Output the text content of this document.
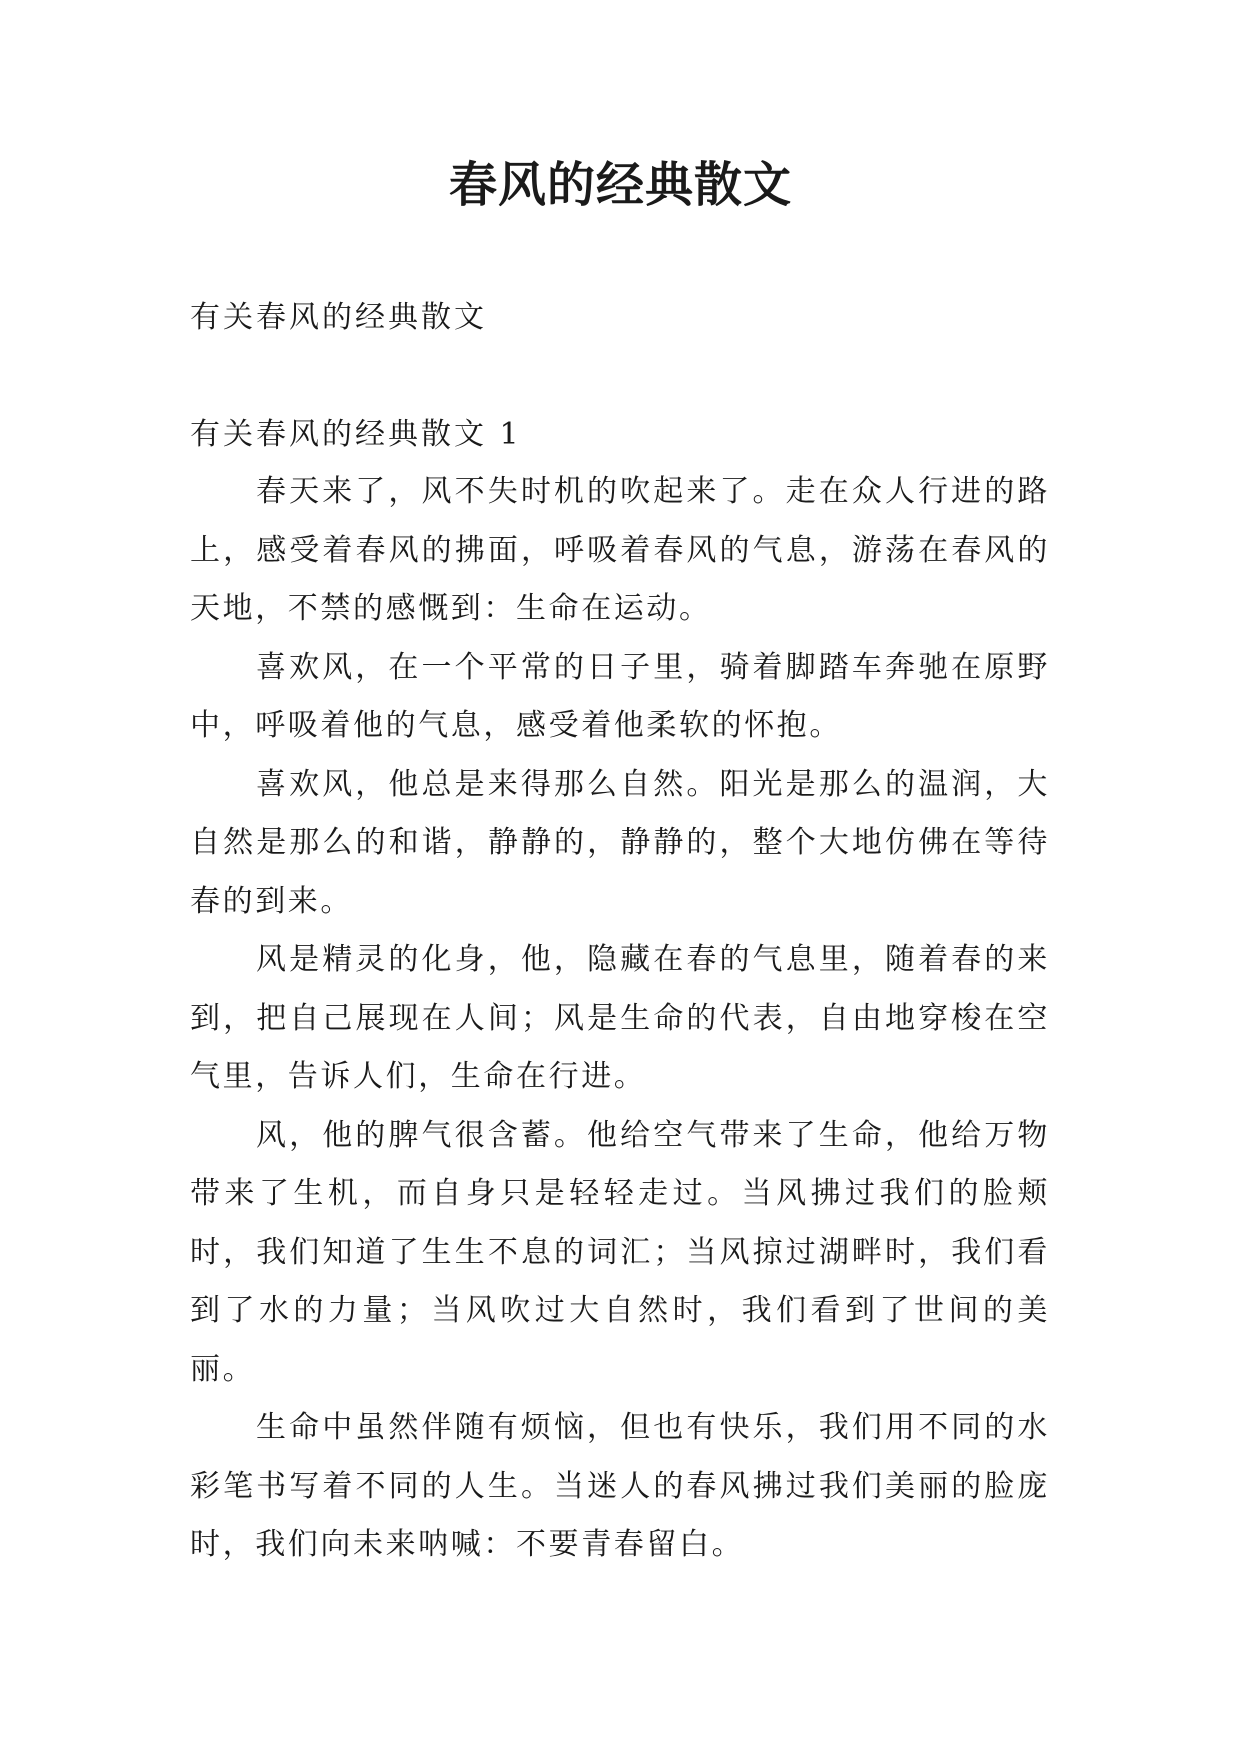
春风的经典散文
有关春风的经典散文
有关春风的经典散文 1

春天来了，风不失时机的吹起来了。走在众人行进的路上，感受着春风的拂面，呼吸着春风的气息，游荡在春风的天地，不禁的感慨到：生命在运动。

喜欢风，在一个平常的日子里，骑着脚踏车奔驰在原野中，呼吸着他的气息，感受着他柔软的怀抱。

喜欢风，他总是来得那么自然。阳光是那么的温润，大自然是那么的和谐，静静的，静静的，整个大地仿佛在等待春的到来。

风是精灵的化身，他，隐藏在春的气息里，随着春的来到，把自己展现在人间；风是生命的代表，自由地穿梭在空气里，告诉人们，生命在行进。

风，他的脾气很含蓄。他给空气带来了生命，他给万物带来了生机，而自身只是轻轻走过。当风拂过我们的脸颊时，我们知道了生生不息的词汇；当风掠过湖畔时，我们看到了水的力量；当风吹过大自然时，我们看到了世间的美丽。

生命中虽然伴随有烦恼，但也有快乐，我们用不同的水彩笔书写着不同的人生。当迷人的春风拂过我们美丽的脸庞时，我们向未来呐喊：不要青春留白。
